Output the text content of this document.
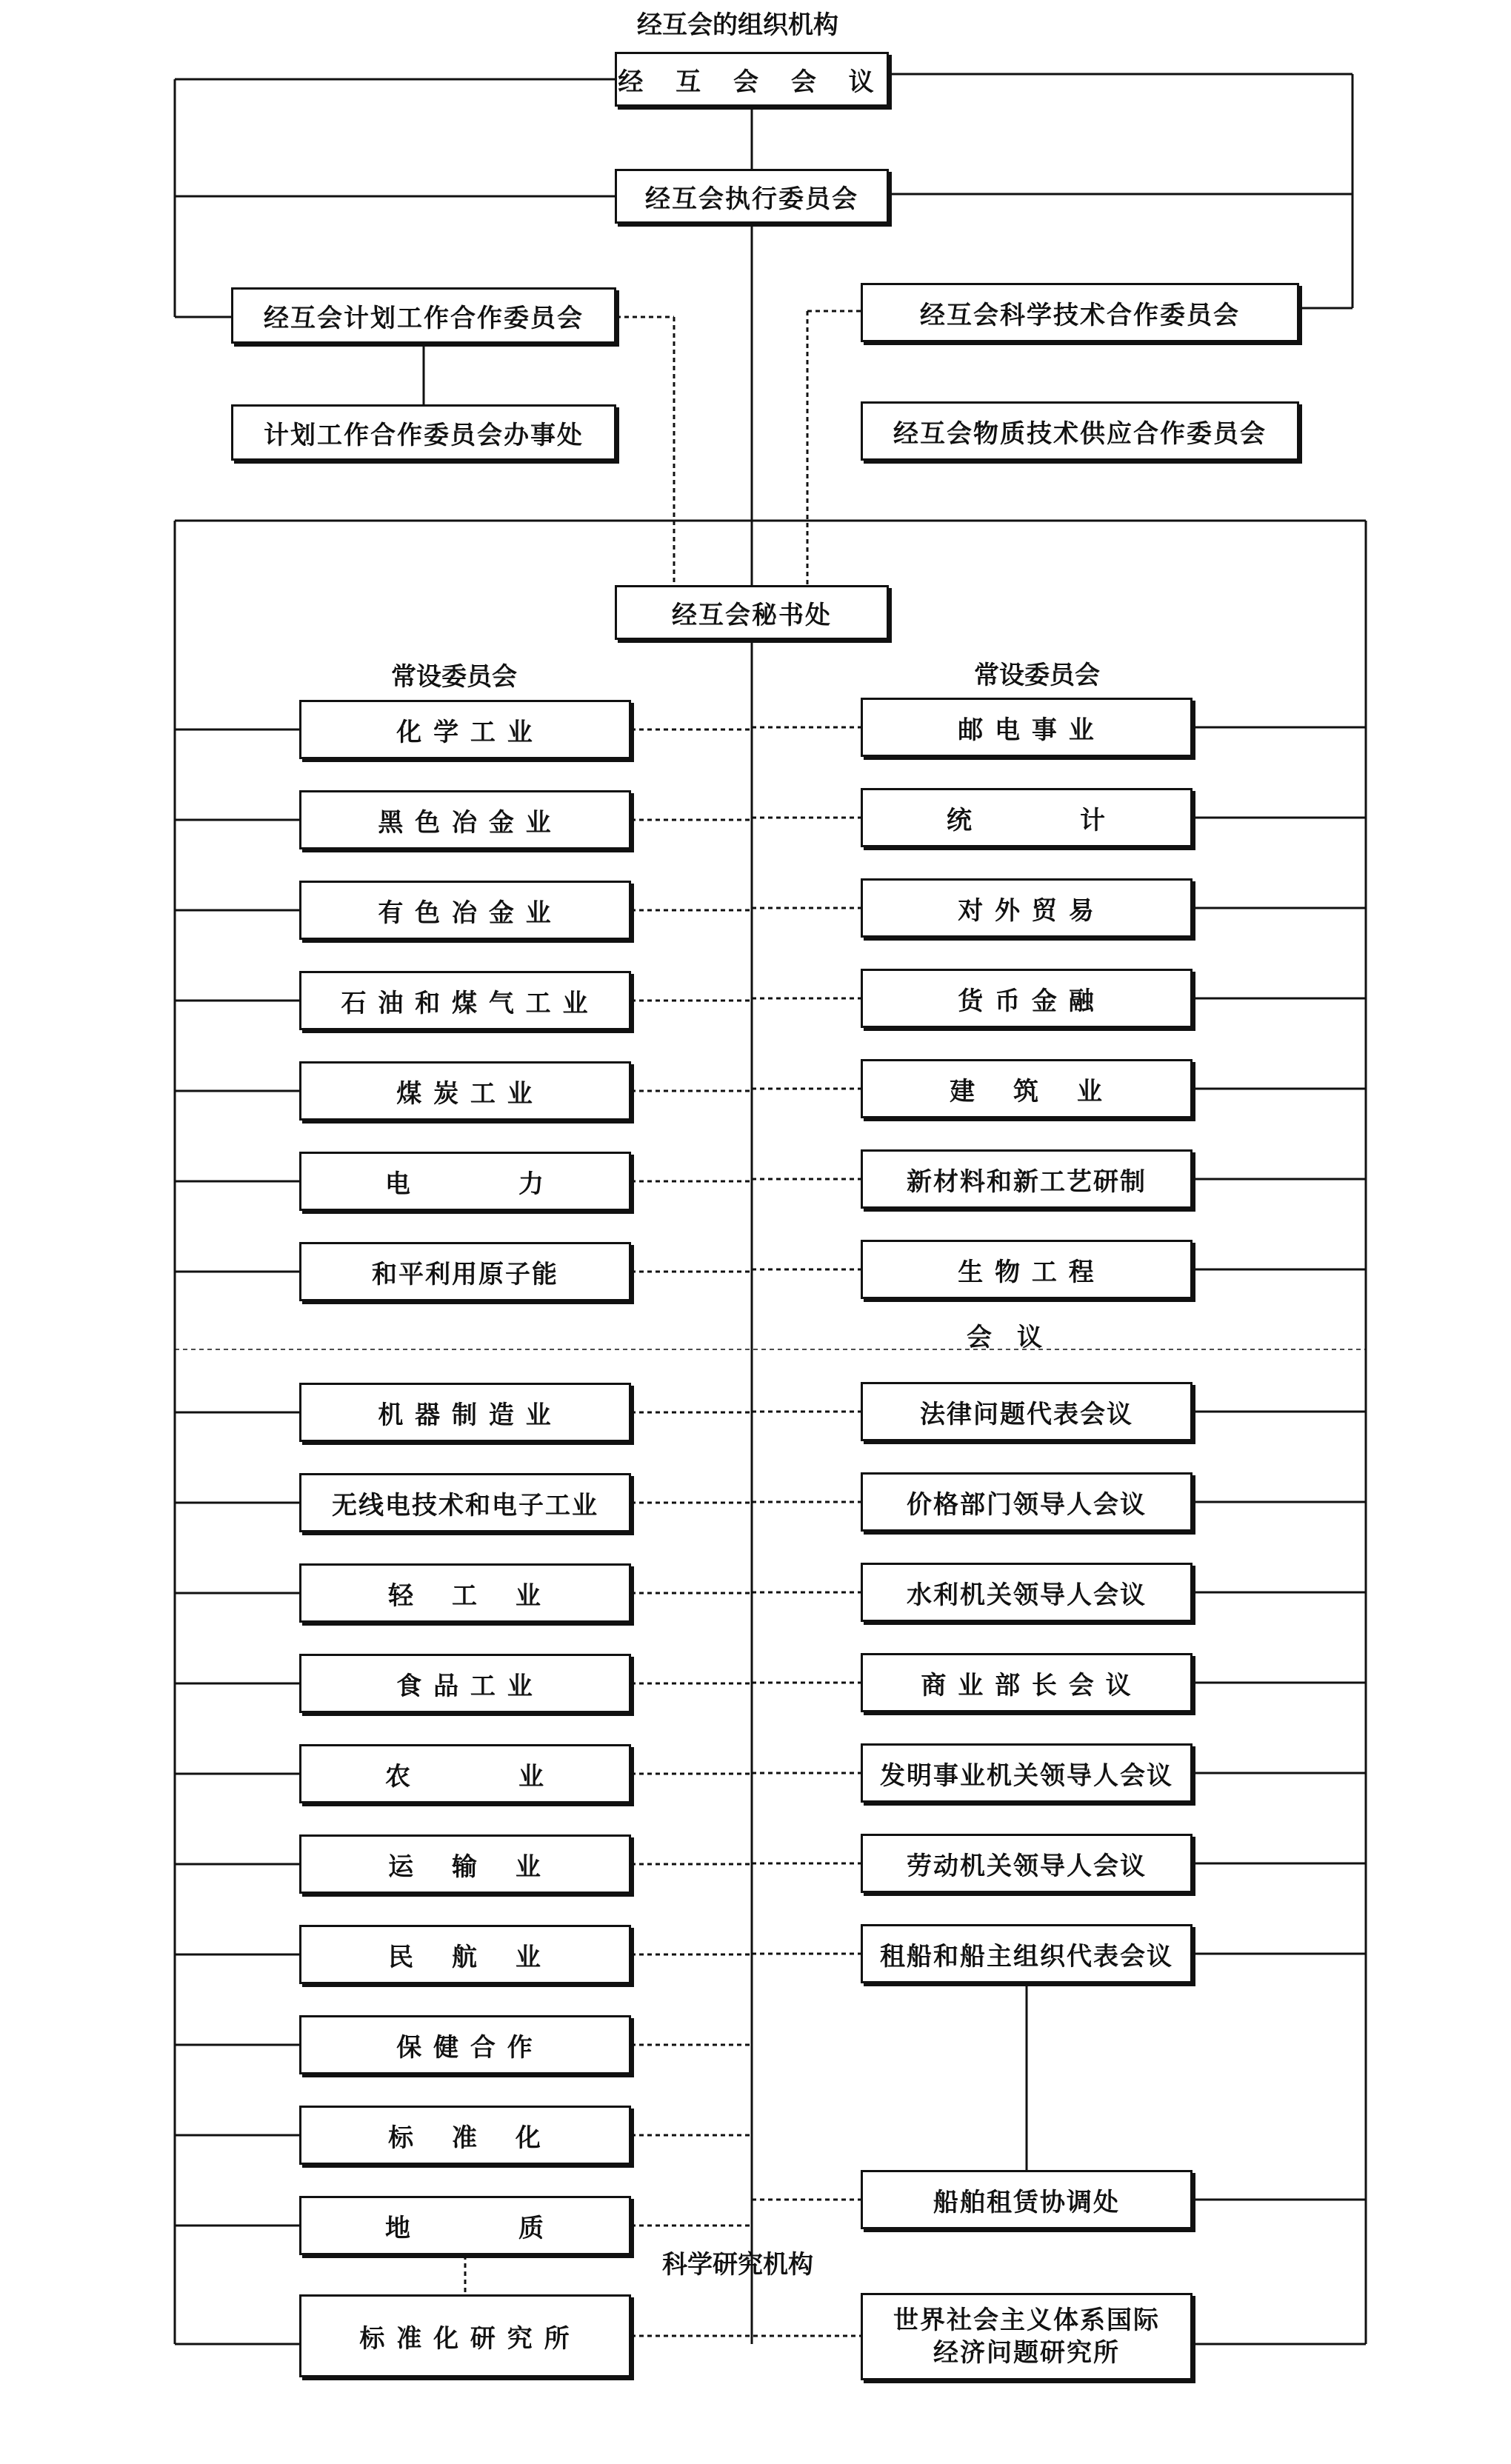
经互会的组织机构
经 互 会 会 议
经互会执行委员会
经互会计划工作合作委员会
计划工作合作委员会办事处
经互会科学技术合作委员会
经互会物质技术供应合作委员会
经互会秘书处
常设委员会	常设委员会
化 学 工 业
黑 色 冶 金 业
有 色 冶 金 业
石 油 和 煤 气 工 业
煤 炭 工 业
电　　　　力
和平利用原子能
机 器 制 造 业
无线电技术和电子工业
轻　 工 　业
食 品 工 业
农　　　　业
运　 输 　业
民　 航 　业
保 健 合 作
标　 准 　化
地　　　　质
邮 电 事 业
统　　　　计
对 外 贸 易
货 币 金 融
建　 筑 　业
新材料和新工艺研制
生 物 工 程
法律问题代表会议
价格部门领导人会议
水利机关领导人会议
商 业 部 长 会 议
发明事业机关领导人会议
劳动机关领导人会议
租船和船主组织代表会议
会　议
船舶租赁协调处
科学研究机构
标 准 化 研 究 所
世界社会主义体系国际
经济问题研究所
